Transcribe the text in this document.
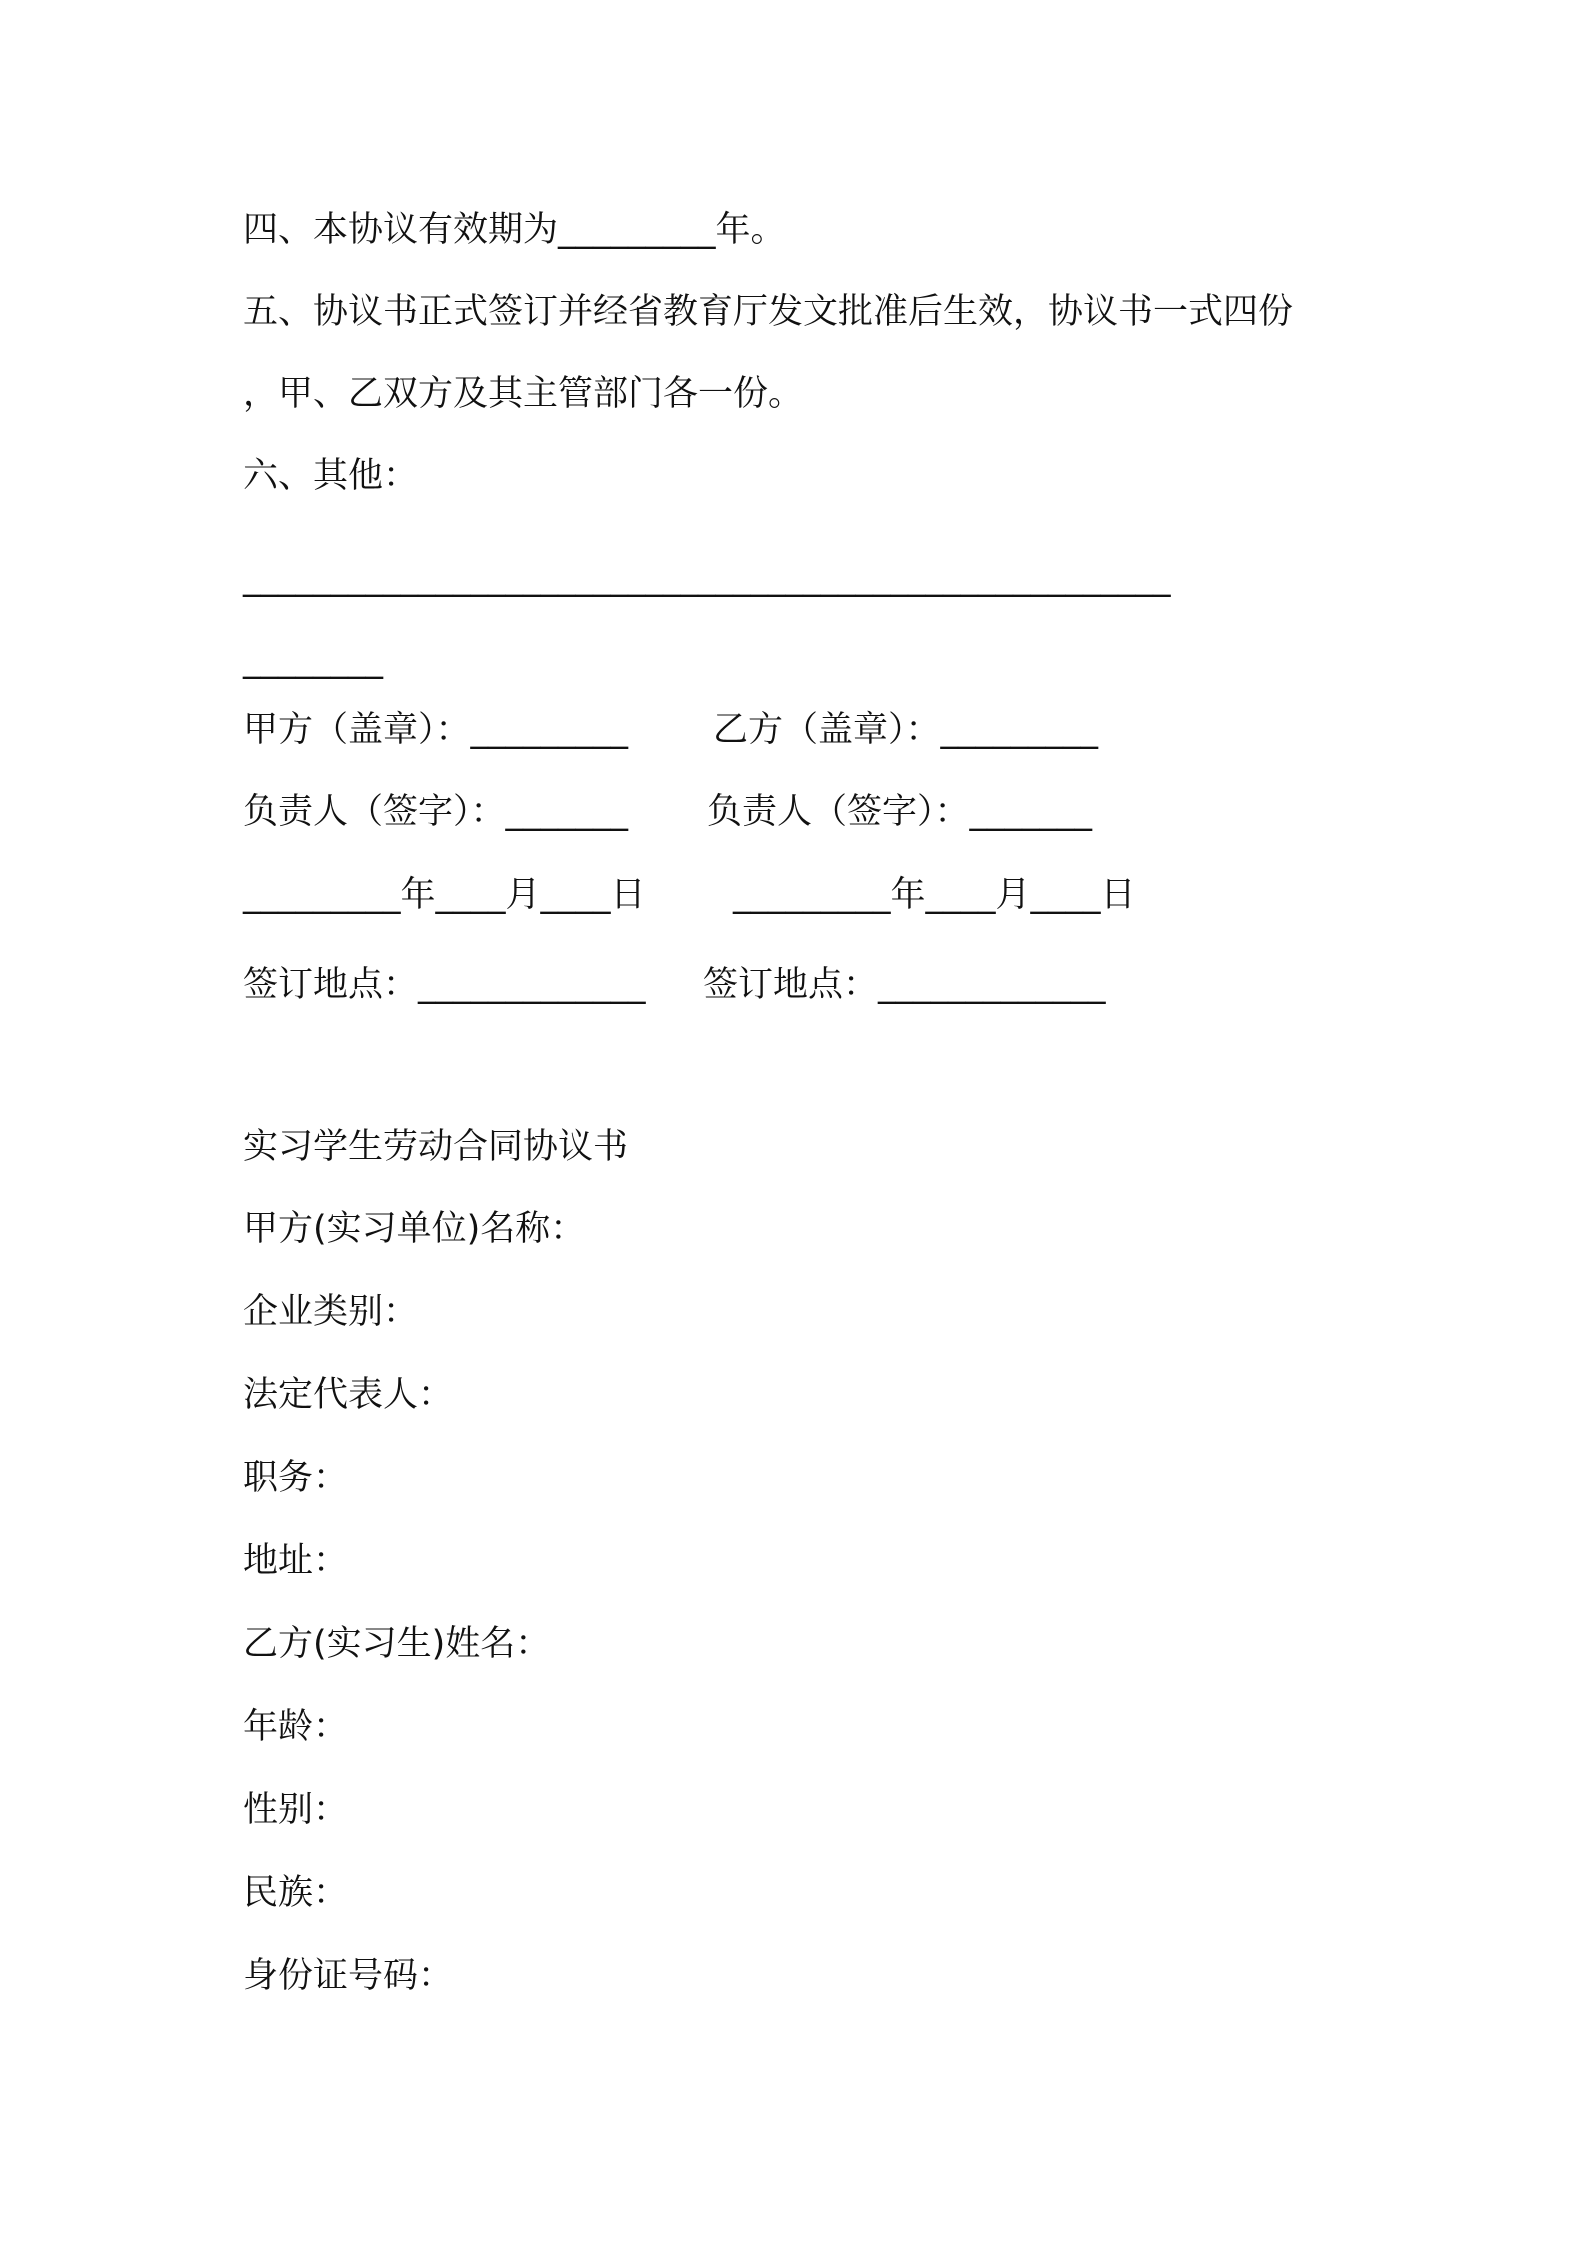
四、本协议有效期为_________年。
五、协议书正式签订并经省教育厅发文批准后生效，协议书一式四份
，甲、乙双方及其主管部门各一份。
六、其他：
_____________________________________________________
________
甲方（盖章）：_________ 乙方（盖章）：_________
负责人（签字）：_______ 负责人（签字）：_______
_________年____月____日 _________年____月____日
签订地点：_____________ 签订地点：_____________
实习学生劳动合同协议书
甲方(实习单位)名称：
企业类别：
法定代表人：
职务：
地址：
乙方(实习生)姓名：
年龄：
性别：
民族：
身份证号码：
